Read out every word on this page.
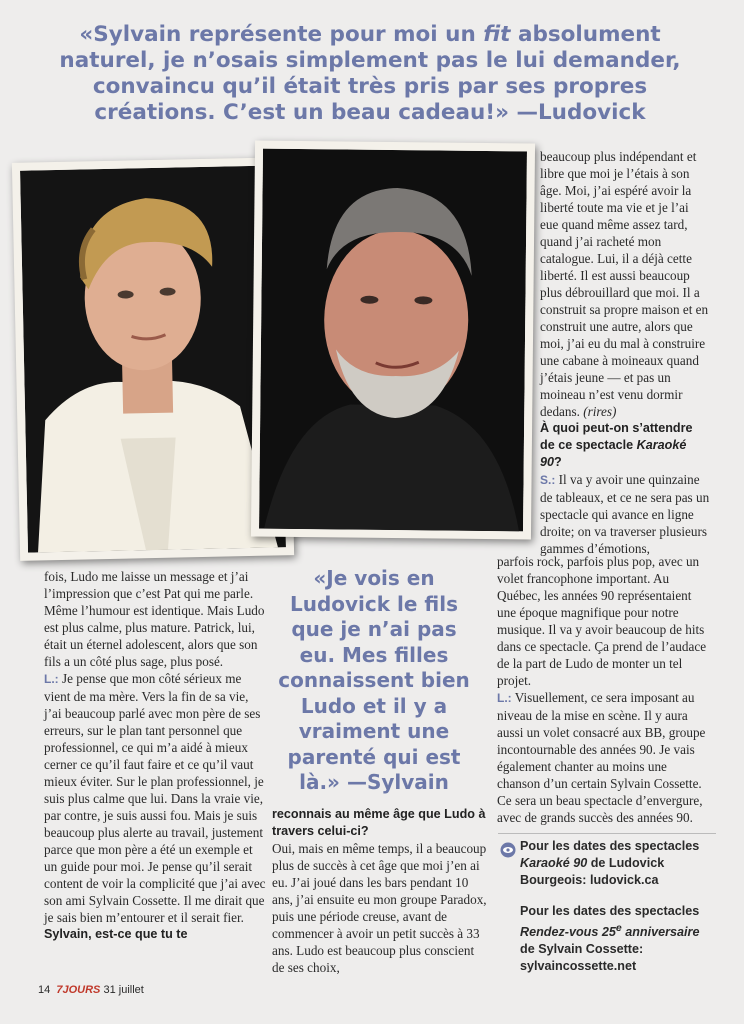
«Sylvain représente pour moi un fit absolument naturel, je n’osais simplement pas le lui demander, convaincu qu’il était très pris par ses propres créations. C’est un beau cadeau!» —Ludovick

beaucoup plus indépendant et libre que moi je l’étais à son âge. Moi, j’ai espéré avoir la liberté toute ma vie et je l’ai eue quand même assez tard, quand j’ai racheté mon catalogue. Lui, il a déjà cette liberté. Il est aussi beaucoup plus débrouillard que moi. Il a construit sa propre maison et en construit une autre, alors que moi, j’ai eu du mal à construire une cabane à moineaux quand j’étais jeune — et pas un moineau n’est venu dormir dedans. (rires)

À quoi peut-on s’attendre de ce spectacle Karaoké 90?

S.: Il va y avoir une quinzaine de tableaux, et ce ne sera pas un spectacle qui avance en ligne droite; on va traverser plusieurs gammes d’émotions,

parfois rock, parfois plus pop, avec un volet francophone important. Au Québec, les années 90 représentaient une époque magnifique pour notre musique. Il va y avoir beaucoup de hits dans ce spectacle. Ça prend de l’audace de la part de Ludo de monter un tel projet.

L.: Visuellement, ce sera imposant au niveau de la mise en scène. Il y aura aussi un volet consacré aux BB, groupe incontournable des années 90. Je vais également chanter au moins une chanson d’un certain Sylvain Cossette. Ce sera un beau spectacle d’envergure, avec de grands succès des années 90.

fois, Ludo me laisse un message et j’ai l’impression que c’est Pat qui me parle. Même l’humour est identique. Mais Ludo est plus calme, plus mature. Patrick, lui, était un éternel adolescent, alors que son fils a un côté plus sage, plus posé.

L.: Je pense que mon côté sérieux me vient de ma mère. Vers la fin de sa vie, j’ai beaucoup parlé avec mon père de ses erreurs, sur le plan tant personnel que professionnel, ce qui m’a aidé à mieux cerner ce qu’il faut faire et ce qu’il vaut mieux éviter. Sur le plan professionnel, je suis plus calme que lui. Dans la vraie vie, par contre, je suis aussi fou. Mais je suis beaucoup plus alerte au travail, justement parce que mon père a été un exemple et un guide pour moi. Je pense qu’il serait content de voir la complicité que j’ai avec son ami Sylvain Cossette. Il me dirait que je sais bien m’entourer et il serait fier.

Sylvain, est-ce que tu te

«Je vois en Ludovick le fils que je n’ai pas eu. Mes filles connaissent bien Ludo et il y a vraiment une parenté qui est là.» —Sylvain

reconnais au même âge que Ludo à travers celui-ci?

Oui, mais en même temps, il a beaucoup plus de succès à cet âge que moi j’en ai eu. J’ai joué dans les bars pendant 10 ans, j’ai ensuite eu mon groupe Paradox, puis une période creuse, avant de commencer à avoir un petit succès à 33 ans. Ludo est beaucoup plus conscient de ses choix,

Pour les dates des spectacles Karaoké 90 de Ludovick Bourgeois: ludovick.ca

Pour les dates des spectacles Rendez-vous 25e anniversaire de Sylvain Cossette: sylvaincossette.net

14 7JOURS 31 juillet
